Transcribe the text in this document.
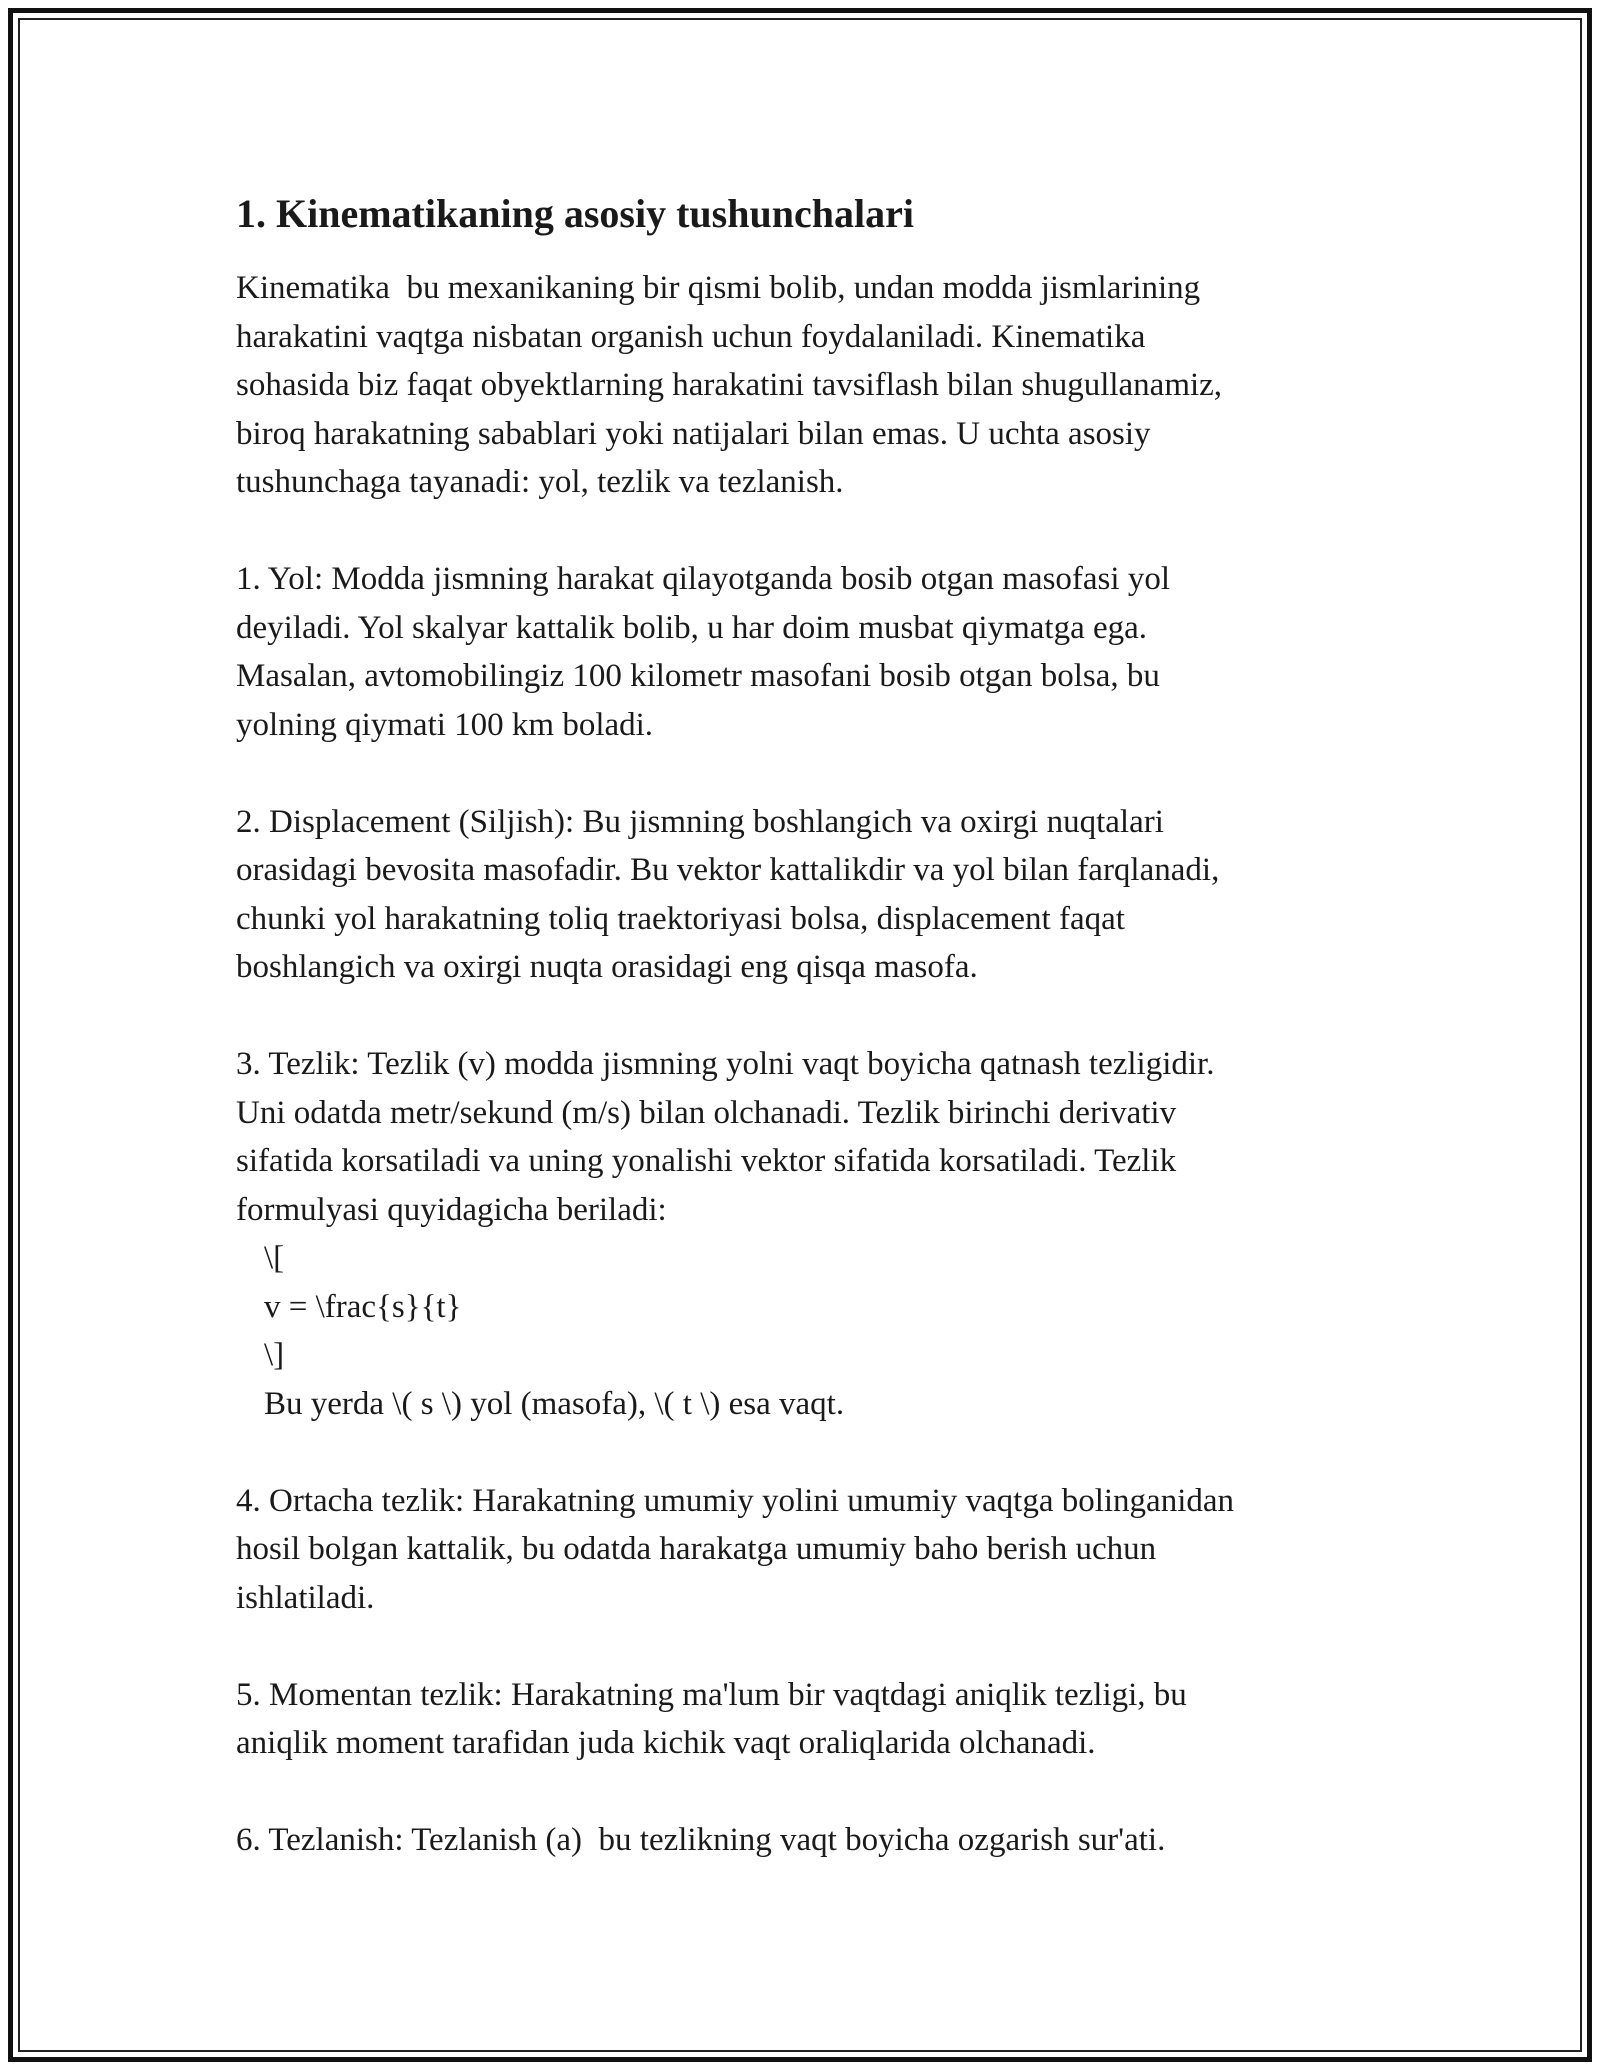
1. Kinematikaning asosiy tushunchalari

Kinematika  bu mexanikaning bir qismi bolib, undan modda jismlarining
harakatini vaqtga nisbatan organish uchun foydalaniladi. Kinematika
sohasida biz faqat obyektlarning harakatini tavsiflash bilan shugullanamiz,
biroq harakatning sabablari yoki natijalari bilan emas. U uchta asosiy
tushunchaga tayanadi: yol, tezlik va tezlanish.

1. Yol: Modda jismning harakat qilayotganda bosib otgan masofasi yol
deyiladi. Yol skalyar kattalik bolib, u har doim musbat qiymatga ega.
Masalan, avtomobilingiz 100 kilometr masofani bosib otgan bolsa, bu
yolning qiymati 100 km boladi.

2. Displacement (Siljish): Bu jismning boshlangich va oxirgi nuqtalari
orasidagi bevosita masofadir. Bu vektor kattalikdir va yol bilan farqlanadi,
chunki yol harakatning toliq traektoriyasi bolsa, displacement faqat
boshlangich va oxirgi nuqta orasidagi eng qisqa masofa.

3. Tezlik: Tezlik (v) modda jismning yolni vaqt boyicha qatnash tezligidir.
Uni odatda metr/sekund (m/s) bilan olchanadi. Tezlik birinchi derivativ
sifatida korsatiladi va uning yonalishi vektor sifatida korsatiladi. Tezlik
formulyasi quyidagicha beriladi:

\[

v = \frac{s}{t}

\]

Bu yerda \( s \) yol (masofa), \( t \) esa vaqt.

4. Ortacha tezlik: Harakatning umumiy yolini umumiy vaqtga bolinganidan
hosil bolgan kattalik, bu odatda harakatga umumiy baho berish uchun
ishlatiladi.

5. Momentan tezlik: Harakatning ma'lum bir vaqtdagi aniqlik tezligi, bu
aniqlik moment tarafidan juda kichik vaqt oraliqlarida olchanadi.

6. Tezlanish: Tezlanish (a)  bu tezlikning vaqt boyicha ozgarish sur'ati.
